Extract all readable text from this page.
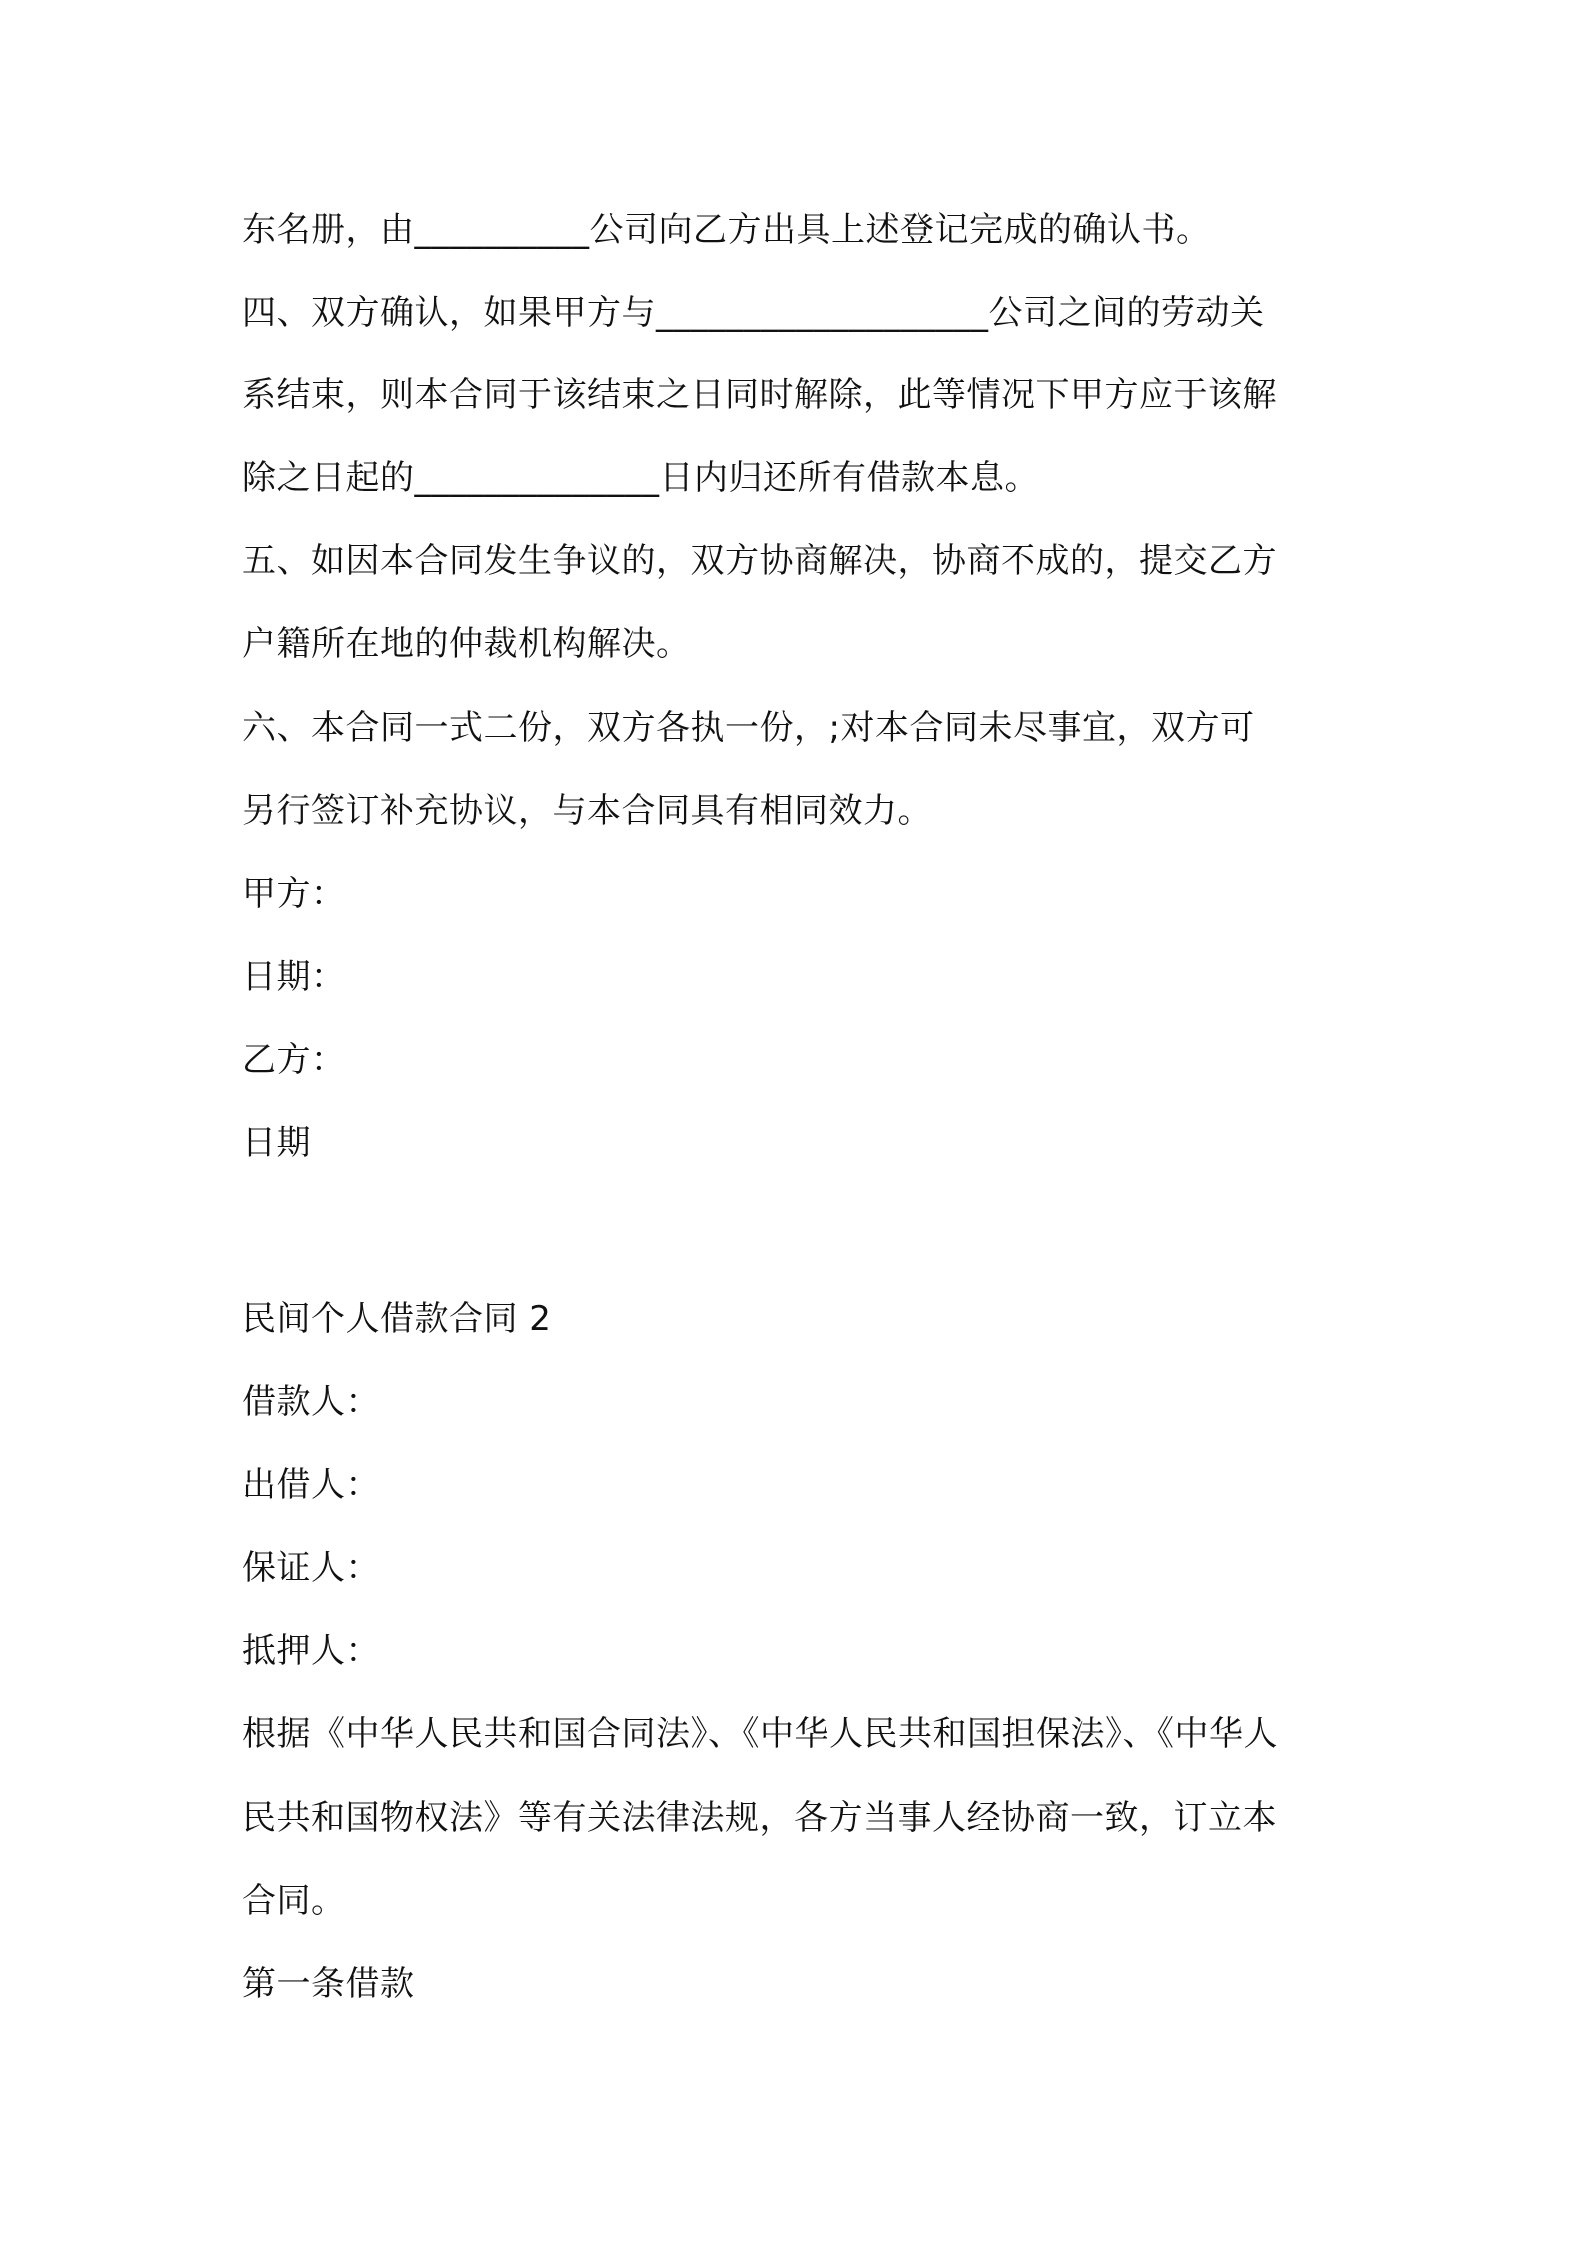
东名册，由__________公司向乙方出具上述登记完成的确认书。
四、双方确认，如果甲方与___________________公司之间的劳动关
系结束，则本合同于该结束之日同时解除，此等情况下甲方应于该解
除之日起的______________日内归还所有借款本息。
五、如因本合同发生争议的，双方协商解决，协商不成的，提交乙方
户籍所在地的仲裁机构解决。
六、本合同一式二份，双方各执一份，;对本合同未尽事宜，双方可
另行签订补充协议，与本合同具有相同效力。
甲方：
日期：
乙方：
日期
民间个人借款合同 2
借款人：
出借人：
保证人：
抵押人：
根据《中华人民共和国合同法》、《中华人民共和国担保法》、《中华人
民共和国物权法》等有关法律法规，各方当事人经协商一致，订立本
合同。
第一条借款
